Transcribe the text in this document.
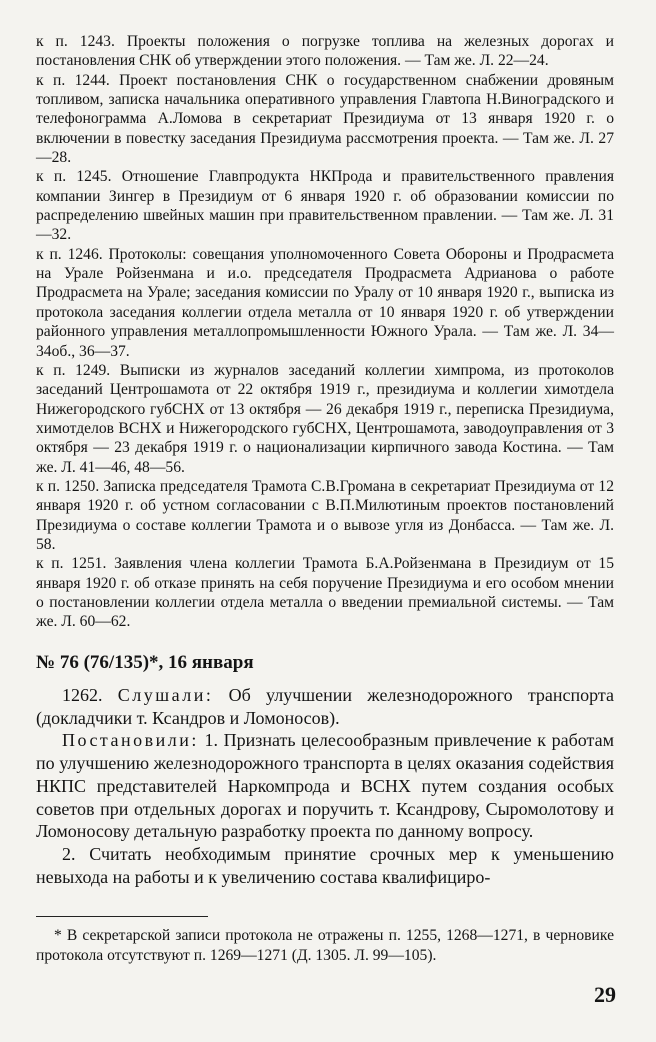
к п. 1243. Проекты положения о погрузке топлива на железных дорогах и постановления СНК об утверждении этого положения. — Там же. Л. 22—24.
к п. 1244. Проект постановления СНК о государственном снабжении дровяным топливом, записка начальника оперативного управления Главтопа Н.Виноградского и телефонограмма А.Ломова в секретариат Президиума от 13 января 1920 г. о включении в повестку заседания Президиума рассмотрения проекта. — Там же. Л. 27—28.
к п. 1245. Отношение Главпродукта НКПрода и правительственного правления компании Зингер в Президиум от 6 января 1920 г. об образовании комиссии по распределению швейных машин при правительственном правлении. — Там же. Л. 31—32.
к п. 1246. Протоколы: совещания уполномоченного Совета Обороны и Продрасмета на Урале Ройзенмана и и.о. председателя Продрасмета Адрианова о работе Продрасмета на Урале; заседания комиссии по Уралу от 10 января 1920 г., выписка из протокола заседания коллегии отдела металла от 10 января 1920 г. об утверждении районного управления металлопромышленности Южного Урала. — Там же. Л. 34—34об., 36—37.
к п. 1249. Выписки из журналов заседаний коллегии химпрома, из протоколов заседаний Центрошамота от 22 октября 1919 г., президиума и коллегии химотдела Нижегородского губСНХ от 13 октября — 26 декабря 1919 г., переписка Президиума, химотделов ВСНХ и Нижегородского губСНХ, Центрошамота, заводоуправления от 3 октября — 23 декабря 1919 г. о национализации кирпичного завода Костина. — Там же. Л. 41—46, 48—56.
к п. 1250. Записка председателя Трамота С.В.Громана в секретариат Президиума от 12 января 1920 г. об устном согласовании с В.П.Милютиным проектов постановлений Президиума о составе коллегии Трамота и о вывозе угля из Донбасса. — Там же. Л. 58.
к п. 1251. Заявления члена коллегии Трамота Б.А.Ройзенмана в Президиум от 15 января 1920 г. об отказе принять на себя поручение Президиума и его особом мнении о постановлении коллегии отдела металла о введении премиальной системы. — Там же. Л. 60—62.
№ 76 (76/135)*, 16 января

1262. Слушали: Об улучшении железнодорожного транспорта (докладчики т. Ксандров и Ломоносов).

Постановили: 1. Признать целесообразным привлечение к работам по улучшению железнодорожного транспорта в целях оказания содействия НКПС представителей Наркомпрода и ВСНХ путем создания особых советов при отдельных дорогах и поручить т. Ксандрову, Сыромолотову и Ломоносову детальную разработку проекта по данному вопросу.

2. Считать необходимым принятие срочных мер к уменьшению невыхода на работы и к увеличению состава квалифициро-

* В секретарской записи протокола не отражены п. 1255, 1268—1271, в черновике протокола отсутствуют п. 1269—1271 (Д. 1305. Л. 99—105).
29
